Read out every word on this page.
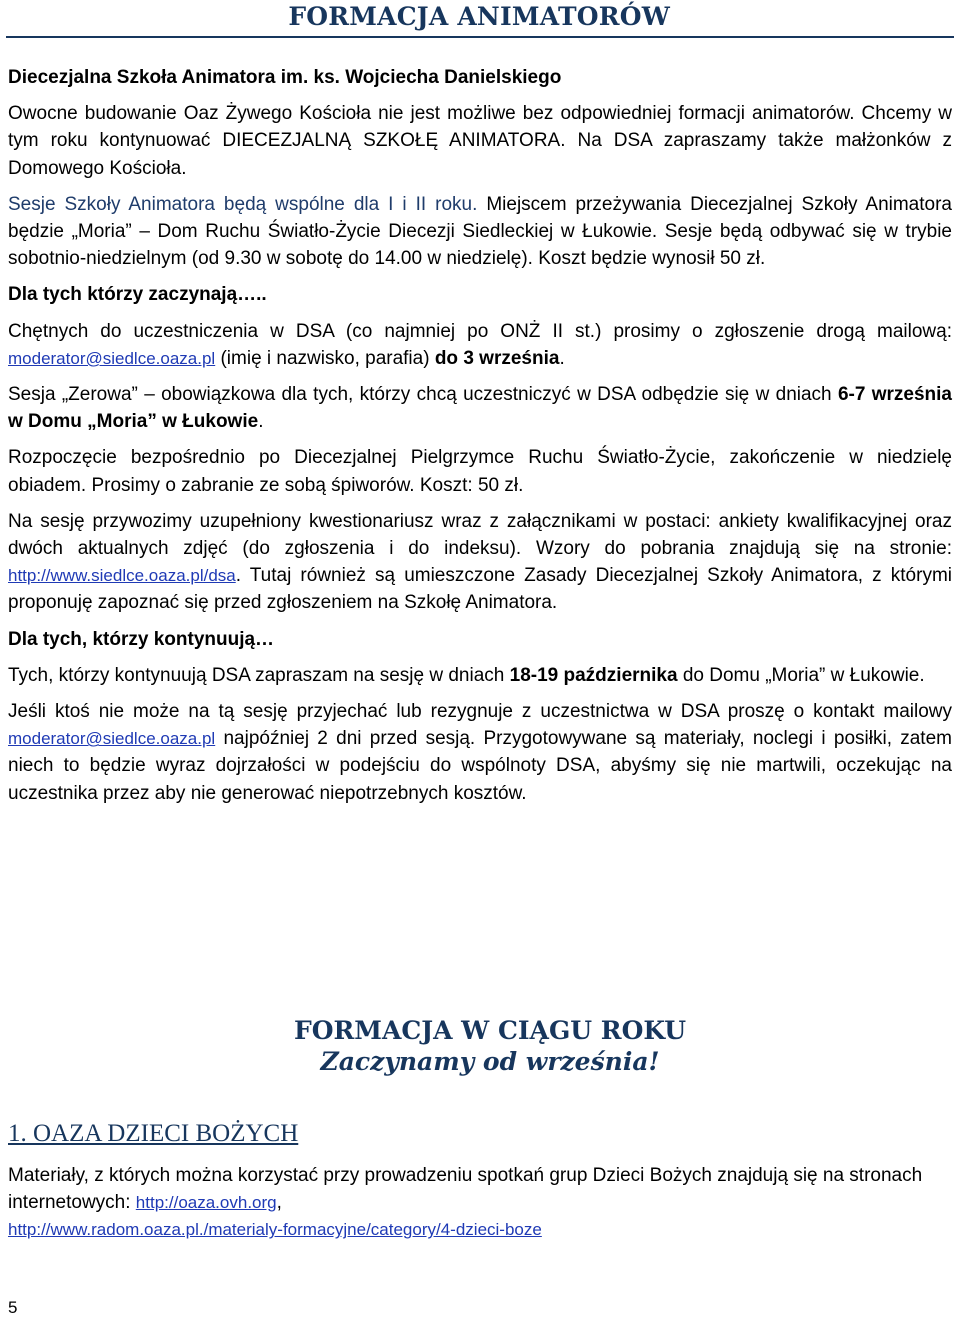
FORMACJA ANIMATORÓW

Diecezjalna Szkoła Animatora im. ks. Wojciecha Danielskiego

Owocne budowanie Oaz Żywego Kościoła nie jest możliwe bez odpowiedniej formacji animatorów. Chcemy w tym roku kontynuować DIECEZJALNĄ SZKOŁĘ ANIMATORA. Na DSA zapraszamy także małżonków z Domowego Kościoła.

Sesje Szkoły Animatora będą wspólne dla I i II roku. Miejscem przeżywania Diecezjalnej Szkoły Animatora będzie „Moria” – Dom Ruchu Światło-Życie Diecezji Siedleckiej w Łukowie. Sesje będą odbywać się w trybie sobotnio-niedzielnym (od 9.30 w sobotę do 14.00 w niedzielę). Koszt będzie wynosił 50 zł.

Dla tych którzy zaczynają…..

Chętnych do uczestniczenia w DSA (co najmniej po ONŻ II st.) prosimy o zgłoszenie drogą mailową: moderator@siedlce.oaza.pl (imię i nazwisko, parafia) do 3 września.

Sesja „Zerowa” – obowiązkowa dla tych, którzy chcą uczestniczyć w DSA odbędzie się w dniach 6-7 września w Domu „Moria” w Łukowie.

Rozpoczęcie bezpośrednio po Diecezjalnej Pielgrzymce Ruchu Światło-Życie, zakończenie w niedzielę obiadem. Prosimy o zabranie ze sobą śpiworów. Koszt: 50 zł.

Na sesję przywozimy uzupełniony kwestionariusz wraz z załącznikami w postaci: ankiety kwalifikacyjnej oraz dwóch aktualnych zdjęć (do zgłoszenia i do indeksu). Wzory do pobrania znajdują się na stronie: http://www.siedlce.oaza.pl/dsa. Tutaj również są umieszczone Zasady Diecezjalnej Szkoły Animatora, z którymi proponuję zapoznać się przed zgłoszeniem na Szkołę Animatora.

Dla tych, którzy kontynuują…

Tych, którzy kontynuują DSA zapraszam na sesję w dniach 18-19 października do Domu „Moria” w Łukowie.

Jeśli ktoś nie może na tą sesję przyjechać lub rezygnuje z uczestnictwa w DSA proszę o kontakt mailowy moderator@siedlce.oaza.pl najpóźniej 2 dni przed sesją. Przygotowywane są materiały, noclegi i posiłki, zatem niech to będzie wyraz dojrzałości w podejściu do wspólnoty DSA, abyśmy się nie martwili, oczekując na uczestnika przez aby nie generować niepotrzebnych kosztów.

FORMACJA W CIĄGU ROKU
Zaczynamy od września!
1. OAZA DZIECI BOŻYCH
Materiały, z których można korzystać przy prowadzeniu spotkań grup Dzieci Bożych znajdują się na stronach internetowych: http://oaza.ovh.org,
http://www.radom.oaza.pl./materialy-formacyjne/category/4-dzieci-boze
5
